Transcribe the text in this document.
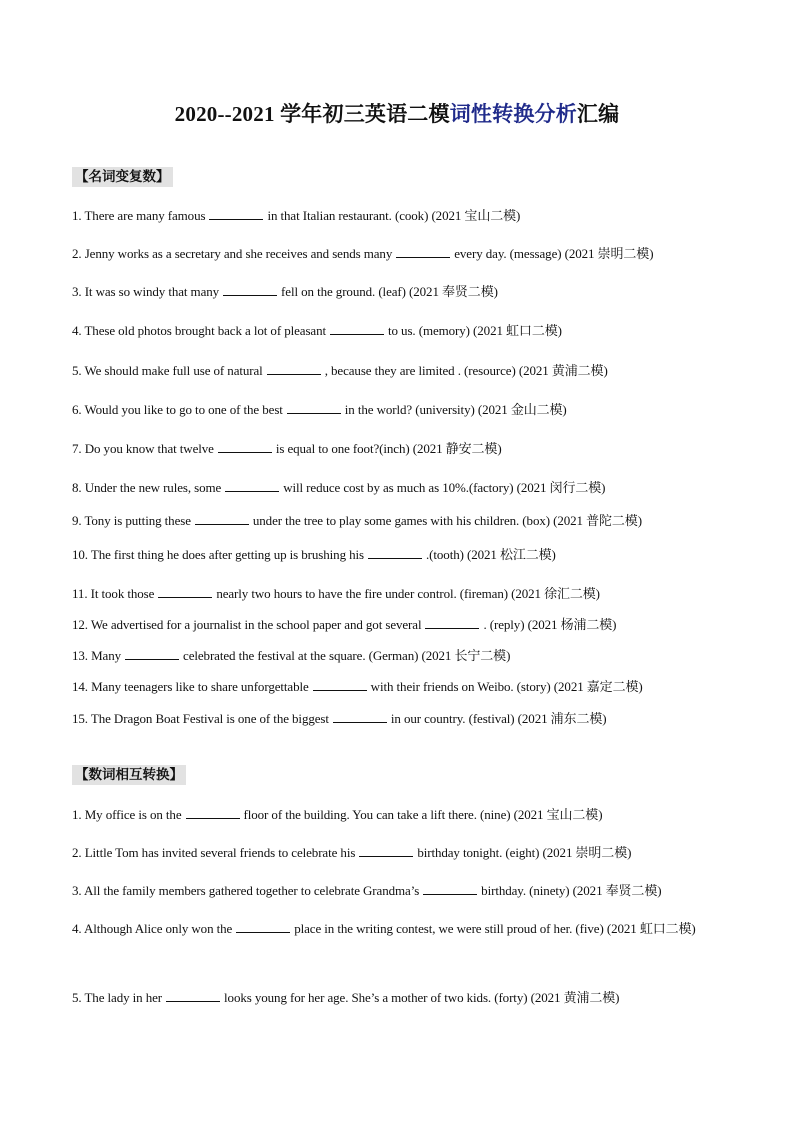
2020--2021 学年初三英语二模词性转换分析汇编
【名词变复数】
1. There are many famous	in that Italian restaurant. (cook) (2021 宝山二模)
2. Jenny works as a secretary and she receives and sends many	every day. (message) (2021 崇明二模)
3. It was so windy that many	fell on the ground. (leaf) (2021 奉贤二模)
4. These old photos brought back a lot of pleasant	to us. (memory) (2021 虹口二模)
5. We should make full use of natural	, because they are limited . (resource) (2021 黄浦二模)
6. Would you like to go to one of the best	in the world? (university) (2021 金山二模)
7. Do you know that twelve	is equal to one foot?(inch) (2021 静安二模)
8. Under the new rules, some	will reduce cost by as much as 10%.(factory) (2021 闵行二模)
9. Tony is putting these	under the tree to play some games with his children. (box) (2021 普陀二模)
10. The first thing he does after getting up is brushing his	.(tooth) (2021 松江二模)
11. It took those	nearly two hours to have the fire under control. (fireman) (2021 徐汇二模)
12. We advertised for a journalist in the school paper and got several	. (reply) (2021 杨浦二模)
13. Many	celebrated the festival at the square. (German) (2021 长宁二模)
14. Many teenagers like to share unforgettable	with their friends on Weibo. (story) (2021 嘉定二模)
15. The Dragon Boat Festival is one of the biggest	in our country. (festival) (2021 浦东二模)
【数词相互转换】
1. My office is on the	floor of the building. You can take a lift there. (nine) (2021 宝山二模)
2. Little Tom has invited several friends to celebrate his	birthday tonight. (eight) (2021 崇明二模)
3. All the family members gathered together to celebrate Grandma’s	birthday. (ninety) (2021 奉贤二模)
4. Although Alice only won the	place in the writing contest, we were still proud of her. (five) (2021 虹口二模)
5. The lady in her	looks young for her age. She’s a mother of two kids. (forty) (2021 黄浦二模)
